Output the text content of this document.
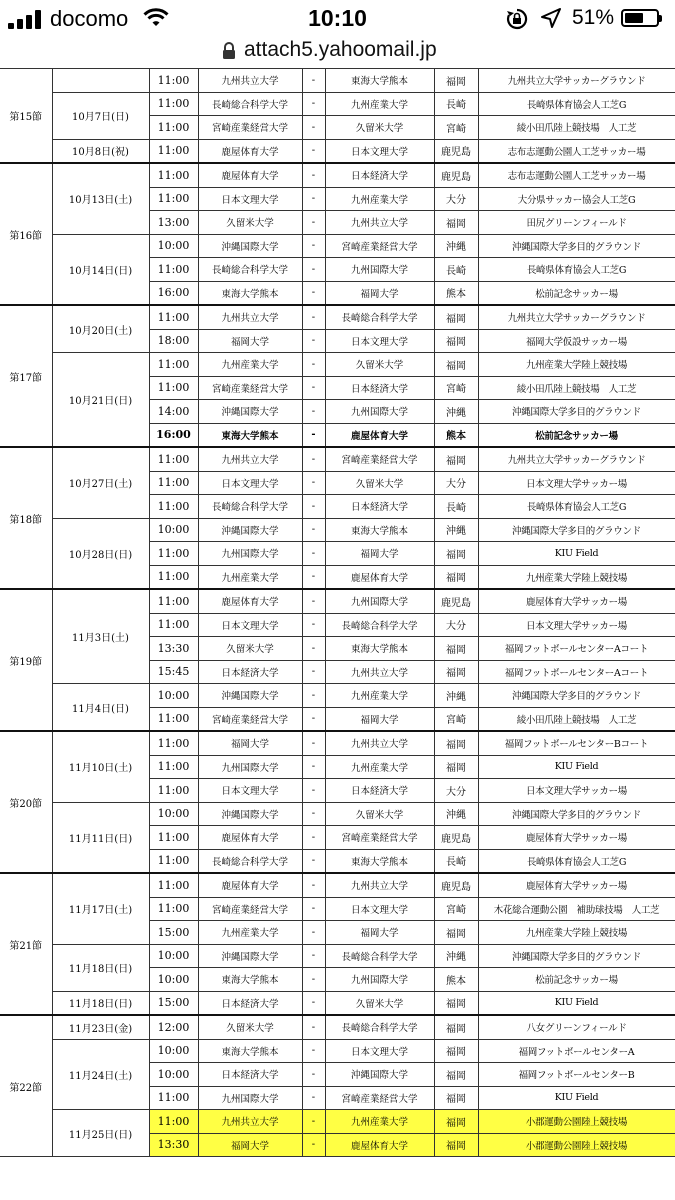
docomo	10:10	51%
attach5.yahoomail.jp
第15節		11:00	九州共立大学	-	東海大学熊本	福岡	九州共立大学サッカーグラウンド
	10月7日(日)	11:00	長崎総合科学大学	-	九州産業大学	長崎	長崎県体育協会人工芝G
		11:00	宮崎産業経営大学	-	久留米大学	宮崎	綾小田爪陸上競技場　人工芝
	10月8日(祝)	11:00	鹿屋体育大学	-	日本文理大学	鹿児島	志布志運動公園人工芝サッカー場
第16節	10月13日(土)	11:00	鹿屋体育大学	-	日本経済大学	鹿児島	志布志運動公園人工芝サッカー場
		11:00	日本文理大学	-	九州産業大学	大分	大分県サッカー協会人工芝G
		13:00	久留米大学	-	九州共立大学	福岡	田尻グリーンフィールド
	10月14日(日)	10:00	沖縄国際大学	-	宮崎産業経営大学	沖縄	沖縄国際大学多目的グラウンド
		11:00	長崎総合科学大学	-	九州国際大学	長崎	長崎県体育協会人工芝G
		16:00	東海大学熊本	-	福岡大学	熊本	松前記念サッカー場
第17節	10月20日(土)	11:00	九州共立大学	-	長崎総合科学大学	福岡	九州共立大学サッカーグラウンド
		18:00	福岡大学	-	日本文理大学	福岡	福岡大学仮設サッカー場
	10月21日(日)	11:00	九州産業大学	-	久留米大学	福岡	九州産業大学陸上競技場
		11:00	宮崎産業経営大学	-	日本経済大学	宮崎	綾小田爪陸上競技場　人工芝
		14:00	沖縄国際大学	-	九州国際大学	沖縄	沖縄国際大学多目的グラウンド
		16:00	東海大学熊本	-	鹿屋体育大学	熊本	松前記念サッカー場
第18節	10月27日(土)	11:00	九州共立大学	-	宮崎産業経営大学	福岡	九州共立大学サッカーグラウンド
		11:00	日本文理大学	-	久留米大学	大分	日本文理大学サッカー場
		11:00	長崎総合科学大学	-	日本経済大学	長崎	長崎県体育協会人工芝G
	10月28日(日)	10:00	沖縄国際大学	-	東海大学熊本	沖縄	沖縄国際大学多目的グラウンド
		11:00	九州国際大学	-	福岡大学	福岡	KIU Field
		11:00	九州産業大学	-	鹿屋体育大学	福岡	九州産業大学陸上競技場
第19節	11月3日(土)	11:00	鹿屋体育大学	-	九州国際大学	鹿児島	鹿屋体育大学サッカー場
		11:00	日本文理大学	-	長崎総合科学大学	大分	日本文理大学サッカー場
		13:30	久留米大学	-	東海大学熊本	福岡	福岡フットボールセンターAコート
		15:45	日本経済大学	-	九州共立大学	福岡	福岡フットボールセンターAコート
	11月4日(日)	10:00	沖縄国際大学	-	九州産業大学	沖縄	沖縄国際大学多目的グラウンド
		11:00	宮崎産業経営大学	-	福岡大学	宮崎	綾小田爪陸上競技場　人工芝
第20節	11月10日(土)	11:00	福岡大学	-	九州共立大学	福岡	福岡フットボールセンターBコート
		11:00	九州国際大学	-	九州産業大学	福岡	KIU Field
		11:00	日本文理大学	-	日本経済大学	大分	日本文理大学サッカー場
	11月11日(日)	10:00	沖縄国際大学	-	久留米大学	沖縄	沖縄国際大学多目的グラウンド
		11:00	鹿屋体育大学	-	宮崎産業経営大学	鹿児島	鹿屋体育大学サッカー場
		11:00	長崎総合科学大学	-	東海大学熊本	長崎	長崎県体育協会人工芝G
第21節	11月17日(土)	11:00	鹿屋体育大学	-	九州共立大学	鹿児島	鹿屋体育大学サッカー場
		11:00	宮崎産業経営大学	-	日本文理大学	宮崎	木花総合運動公園　補助球技場　人工芝
		15:00	九州産業大学	-	福岡大学	福岡	九州産業大学陸上競技場
	11月18日(日)	10:00	沖縄国際大学	-	長崎総合科学大学	沖縄	沖縄国際大学多目的グラウンド
		10:00	東海大学熊本	-	九州国際大学	熊本	松前記念サッカー場
	11月18日(日)	15:00	日本経済大学	-	久留米大学	福岡	KIU Field
第22節	11月23日(金)	12:00	久留米大学	-	長崎総合科学大学	福岡	八女グリーンフィールド
	11月24日(土)	10:00	東海大学熊本	-	日本文理大学	福岡	福岡フットボールセンターA
		10:00	日本経済大学	-	沖縄国際大学	福岡	福岡フットボールセンターB
		11:00	九州国際大学	-	宮崎産業経営大学	福岡	KIU Field
	11月25日(日)	11:00	九州共立大学	-	九州産業大学	福岡	小郡運動公園陸上競技場
		13:30	福岡大学	-	鹿屋体育大学	福岡	小郡運動公園陸上競技場
